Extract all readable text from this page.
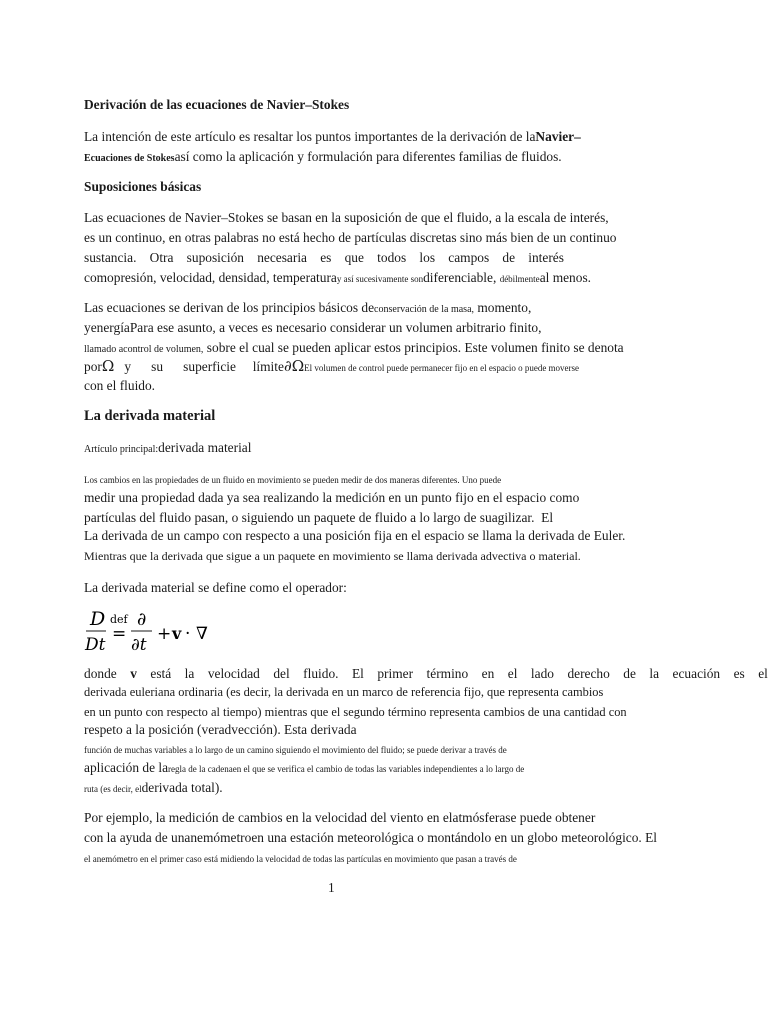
Derivación de las ecuaciones de Navier–Stokes
La intención de este artículo es resaltar los puntos importantes de la derivación de laNavier–
Ecuaciones de Stokesasí como la aplicación y formulación para diferentes familias de fluidos.
Suposiciones básicas
Las ecuaciones de Navier–Stokes se basan en la suposición de que el fluido, a la escala de interés,
es un continuo, en otras palabras no está hecho de partículas discretas sino más bien de un continuo
sustancia. Otra suposición necesaria es que todos los campos de interés
comopresión, velocidad, densidad, temperaturay así sucesivamente sondiferenciable, débilmenteal menos.
Las ecuaciones se derivan de los principios básicos deconservación de la masa, momento,
yenergíaPara ese asunto, a veces es necesario considerar un volumen arbitrario finito,
llamado acontrol de volumen, sobre el cual se pueden aplicar estos principios. Este volumen finito se denota
porΩ y su superficie límite∂ΩEl volumen de control puede permanecer fijo en el espacio o puede moverse
con el fluido.
La derivada material
Artículo principal:derivada material
Los cambios en las propiedades de un fluido en movimiento se pueden medir de dos maneras diferentes. Uno puede
medir una propiedad dada ya sea realizando la medición en un punto fijo en el espacio como
partículas del fluido pasan, o siguiendo un paquete de fluido a lo largo de suagilizar. El
La derivada de un campo con respecto a una posición fija en el espacio se llama la derivada de Euler.
Mientras que la derivada que sigue a un paquete en movimiento se llama derivada advectiva o material.
La derivada material se define como el operador:
D
Dt
def
=
∂
∂t
+ v · ∇
donde v está la velocidad del fluido. El primer término en el lado derecho de la ecuación es el
derivada euleriana ordinaria (es decir, la derivada en un marco de referencia fijo, que representa cambios
en un punto con respecto al tiempo) mientras que el segundo término representa cambios de una cantidad con
respeto a la posición (veradvección). Esta derivada
función de muchas variables a lo largo de un camino siguiendo el movimiento del fluido; se puede derivar a través de
aplicación de laregla de la cadenaen el que se verifica el cambio de todas las variables independientes a lo largo de
ruta (es decir, elderivada total).
Por ejemplo, la medición de cambios en la velocidad del viento en elatmósferase puede obtener
con la ayuda de unanemómetroen una estación meteorológica o montándolo en un globo meteorológico. El
el anemómetro en el primer caso está midiendo la velocidad de todas las partículas en movimiento que pasan a través de
1
